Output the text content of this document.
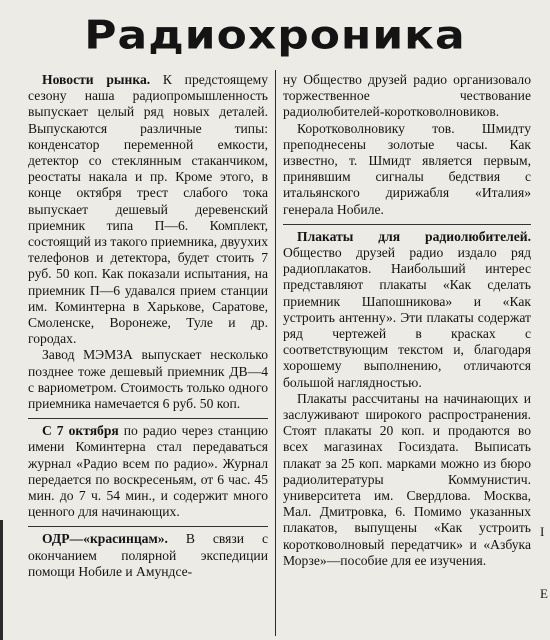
Радиохроника

Новости рынка. К предстоящему сезону наша радиопромышленность выпускает целый ряд новых деталей. Выпускаются различные типы: конденсатор переменной емкости, детектор со стеклянным стаканчиком, реостаты накала и пр. Кроме этого, в конце октября трест слабого тока выпускает дешевый деревенский приемник типа П—6. Комплект, состоящий из такого приемника, двуухих телефонов и детектора, будет стоить 7 руб. 50 коп. Как показали испытания, на приемник П—6 удавался прием станции им. Коминтерна в Харькове, Саратове, Смоленске, Воронеже, Туле и др. городах.

Завод МЭМЗА выпускает несколько позднее тоже дешевый приемник ДВ—4 с вариометром. Стоимость только одного приемника намечается 6 руб. 50 коп.

С 7 октября по радио через станцию имени Коминтерна стал передаваться журнал «Радио всем по радио». Журнал передается по воскресеньям, от 6 час. 45 мин. до 7 ч. 54 мин., и содержит много ценного для начинающих.

ОДР—«красинцам». В связи с окончанием полярной экспедиции помощи Нобиле и Амундсе-

ну Общество друзей радио организовало торжественное чествование радиолюбителей-коротковолновиков.

Коротковолновику тов. Шмидту преподнесены золотые часы. Как известно, т. Шмидт является первым, принявшим сигналы бедствия с итальянского дирижабля «Италия» генерала Нобиле.

Плакаты для радиолюбителей. Общество друзей радио издало ряд радиоплакатов. Наибольший интерес представляют плакаты «Как сделать приемник Шапошникова» и «Как устроить антенну». Эти плакаты содержат ряд чертежей в красках с соответствующим текстом и, благодаря хорошему выполнению, отличаются большой наглядностью.

Плакаты рассчитаны на начинающих и заслуживают широкого распространения. Стоят плакаты 20 коп. и продаются во всех магазинах Госиздата. Выписать плакат за 25 коп. марками можно из бюро радиолитературы Коммунистич. университета им. Свердлова. Москва, Мал. Дмитровка, 6. Помимо указанных плакатов, выпущены «Как устроить коротковолновый передатчик» и «Азбука Морзе»—пособие для ее изучения.

I
E
